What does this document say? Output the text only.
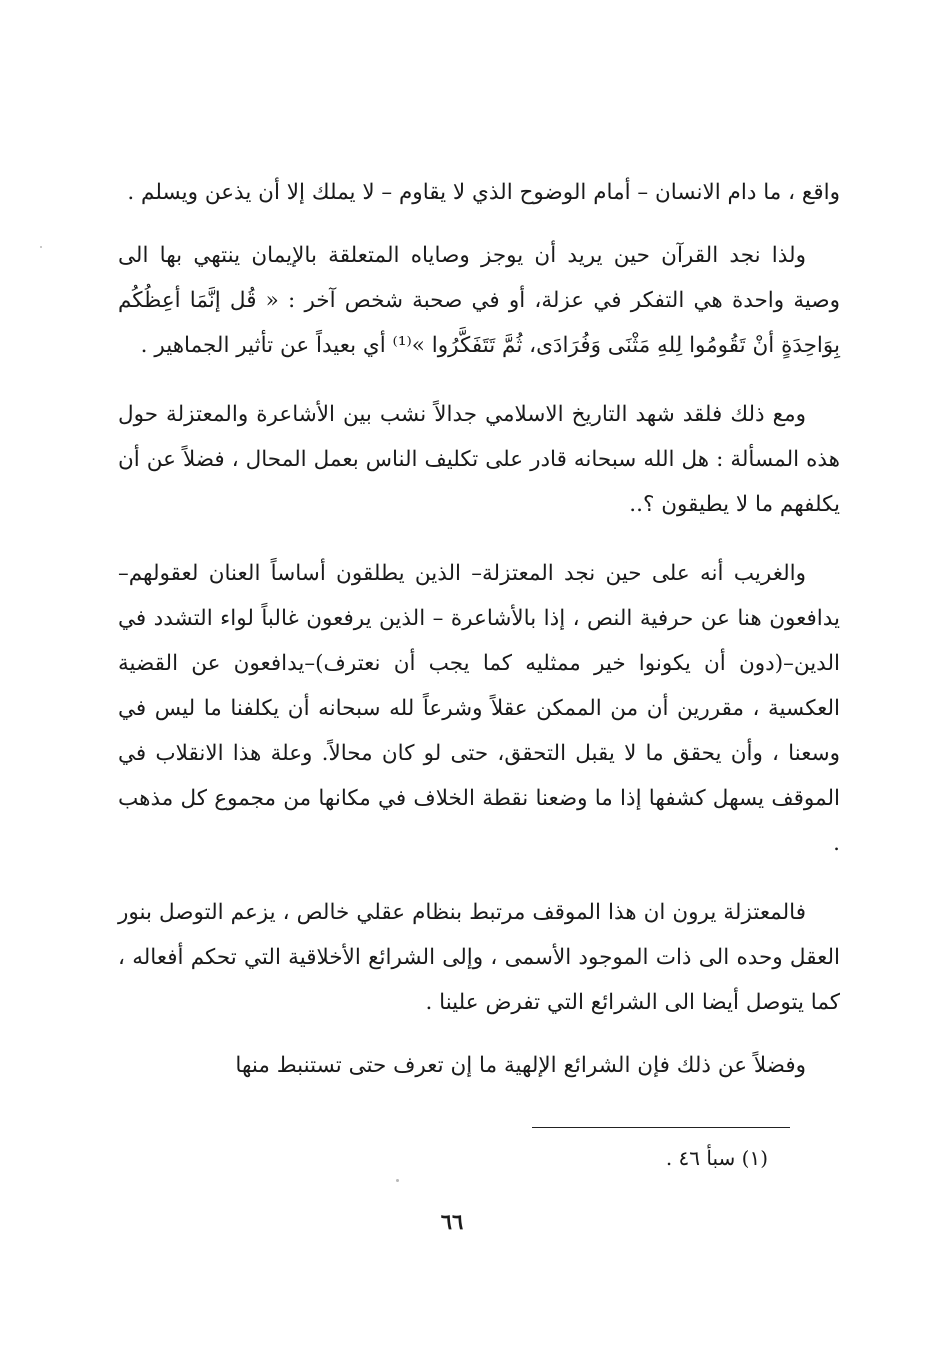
واقع ، ما دام الانسان – أمام الوضوح الذي لا يقاوم – لا يملك إلا أن يذعن ويسلم .

ولذا نجد القرآن حين يريد أن يوجز وصاياه المتعلقة بالإيمان ينتهي بها الى وصية واحدة هي التفكر في عزلة، أو في صحبة شخص آخر : « قُل إنَّمَا أعِظُكُم بِوَاحِدَةٍ أنْ تَقُومُوا لِلهِ مَثْنَى وَفُرَادَى، ثُمَّ تَتَفَكَّرُوا »⁽¹⁾ أي بعيداً عن تأثير الجماهير .

ومع ذلك فلقد شهد التاريخ الاسلامي جدالاً نشب بين الأشاعرة والمعتزلة حول هذه المسألة : هل الله سبحانه قادر على تكليف الناس بعمل المحال ، فضلاً عن أن يكلفهم ما لا يطيقون ؟..

والغريب أنه على حين نجد المعتزلة– الذين يطلقون أساساً العنان لعقولهم– يدافعون هنا عن حرفية النص ، إذا بالأشاعرة – الذين يرفعون غالباً لواء التشدد في الدين–(دون أن يكونوا خير ممثليه كما يجب أن نعترف)–يدافعون عن القضية العكسية ، مقررين أن من الممكن عقلاً وشرعاً لله سبحانه أن يكلفنا ما ليس في وسعنا ، وأن يحقق ما لا يقبل التحقق، حتى لو كان محالاً. وعلة هذا الانقلاب في الموقف يسهل كشفها إذا ما وضعنا نقطة الخلاف في مكانها من مجموع كل مذهب .

فالمعتزلة يرون ان هذا الموقف مرتبط بنظام عقلي خالص ، يزعم التوصل بنور العقل وحده الى ذات الموجود الأسمى ، وإلى الشرائع الأخلاقية التي تحكم أفعاله ، كما يتوصل أيضا الى الشرائع التي تفرض علينا .

وفضلاً عن ذلك فإن الشرائع الإلهية ما إن تعرف حتى تستنبط منها

(١) سبأ ٤٦ .
٦٦
